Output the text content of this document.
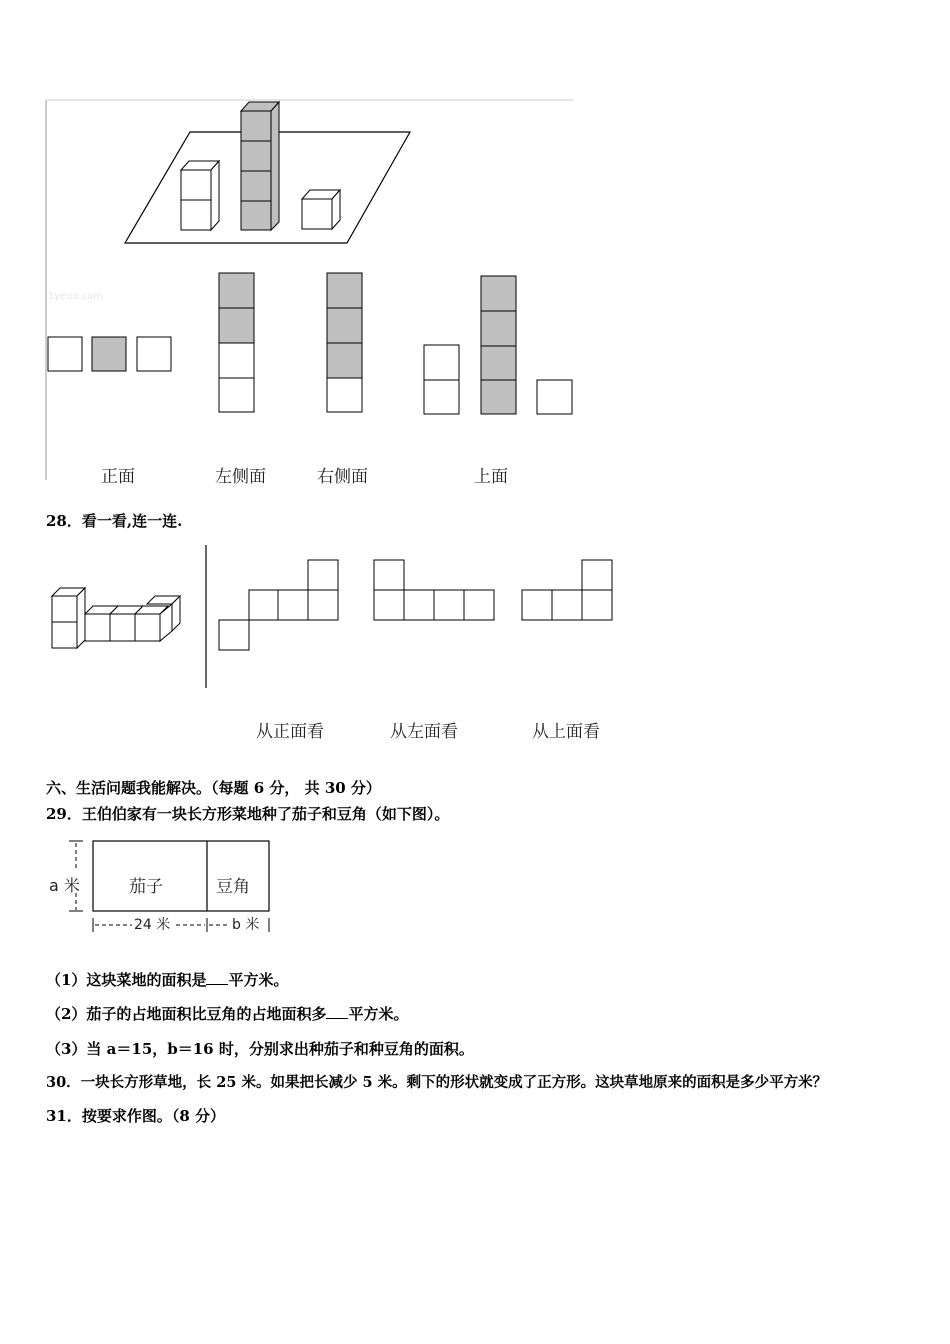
1yeoo.com
正面	左侧面	右侧面	上面
28．看一看,连一连.
从正面看	从左面看	从上面看
六、生活问题我能解决。（每题 6 分， 共 30 分）
29．王伯伯家有一块长方形菜地种了茄子和豆角（如下图）。
茄子	豆角
a 米
24 米	b 米
（1）这块菜地的面积是 平方米。
（2）茄子的占地面积比豆角的占地面积多 平方米。
（3）当 a＝15，b＝16 时，分别求出种茄子和种豆角的面积。
30．一块长方形草地，长 25 米。如果把长减少 5 米。剩下的形状就变成了正方形。这块草地原来的面积是多少平方米？
31．按要求作图。（8 分）
